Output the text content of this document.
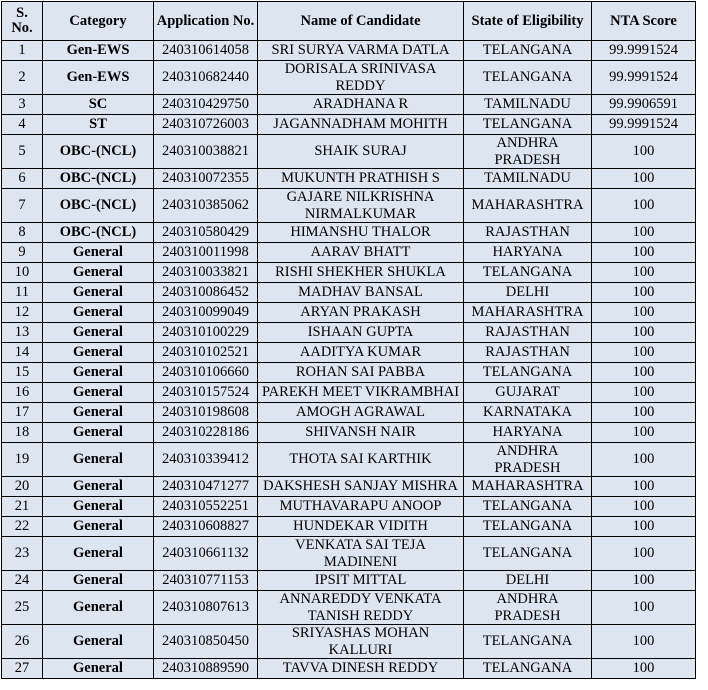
S. No.	Category	Application No.	Name of Candidate	State of Eligibility	NTA Score
1	Gen-EWS	240310614058	SRI SURYA VARMA DATLA	TELANGANA	99.9991524
2	Gen-EWS	240310682440	DORISALA SRINIVASA REDDY	TELANGANA	99.9991524
3	SC	240310429750	ARADHANA R	TAMILNADU	99.9906591
4	ST	240310726003	JAGANNADHAM MOHITH	TELANGANA	99.9991524
5	OBC-(NCL)	240310038821	SHAIK SURAJ	ANDHRA PRADESH	100
6	OBC-(NCL)	240310072355	MUKUNTH PRATHISH S	TAMILNADU	100
7	OBC-(NCL)	240310385062	GAJARE NILKRISHNA NIRMALKUMAR	MAHARASHTRA	100
8	OBC-(NCL)	240310580429	HIMANSHU THALOR	RAJASTHAN	100
9	General	240310011998	AARAV BHATT	HARYANA	100
10	General	240310033821	RISHI SHEKHER SHUKLA	TELANGANA	100
11	General	240310086452	MADHAV BANSAL	DELHI	100
12	General	240310099049	ARYAN PRAKASH	MAHARASHTRA	100
13	General	240310100229	ISHAAN GUPTA	RAJASTHAN	100
14	General	240310102521	AADITYA KUMAR	RAJASTHAN	100
15	General	240310106660	ROHAN SAI PABBA	TELANGANA	100
16	General	240310157524	PAREKH MEET VIKRAMBHAI	GUJARAT	100
17	General	240310198608	AMOGH AGRAWAL	KARNATAKA	100
18	General	240310228186	SHIVANSH NAIR	HARYANA	100
19	General	240310339412	THOTA SAI KARTHIK	ANDHRA PRADESH	100
20	General	240310471277	DAKSHESH SANJAY MISHRA	MAHARASHTRA	100
21	General	240310552251	MUTHAVARAPU ANOOP	TELANGANA	100
22	General	240310608827	HUNDEKAR VIDITH	TELANGANA	100
23	General	240310661132	VENKATA SAI TEJA MADINENI	TELANGANA	100
24	General	240310771153	IPSIT MITTAL	DELHI	100
25	General	240310807613	ANNAREDDY VENKATA TANISH REDDY	ANDHRA PRADESH	100
26	General	240310850450	SRIYASHAS MOHAN KALLURI	TELANGANA	100
27	General	240310889590	TAVVA DINESH REDDY	TELANGANA	100
